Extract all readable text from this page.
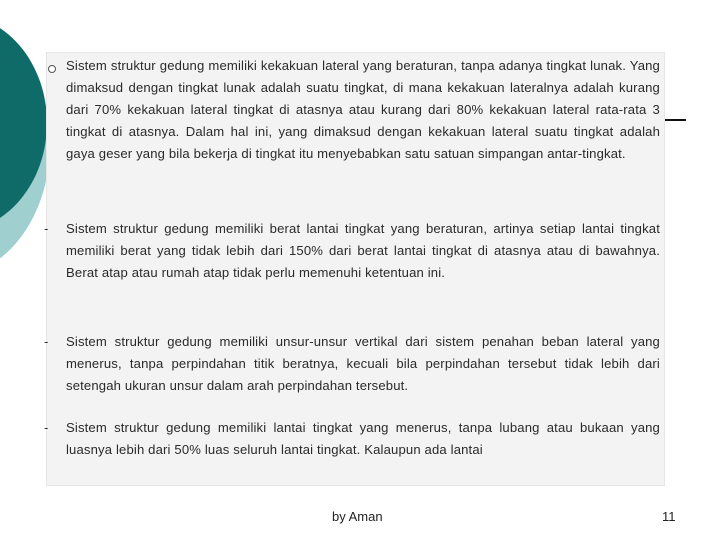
Sistem struktur gedung memiliki kekakuan lateral yang beraturan, tanpa adanya tingkat lunak. Yang dimaksud dengan tingkat lunak adalah suatu tingkat, di mana kekakuan lateralnya adalah kurang dari 70% kekakuan lateral tingkat di atasnya atau kurang dari 80% kekakuan lateral rata-rata 3 tingkat di atasnya. Dalam hal ini, yang dimaksud dengan kekakuan lateral suatu tingkat adalah gaya geser yang bila bekerja di tingkat itu menyebabkan satu satuan simpangan antar-tingkat.
-	Sistem struktur gedung memiliki berat lantai tingkat yang beraturan, artinya setiap lantai tingkat memiliki berat yang tidak lebih dari 150% dari berat lantai tingkat di atasnya atau di bawahnya. Berat atap atau rumah atap tidak perlu memenuhi ketentuan ini.
-	Sistem struktur gedung memiliki unsur-unsur vertikal dari sistem penahan beban lateral yang menerus, tanpa perpindahan titik beratnya, kecuali bila perpindahan tersebut tidak lebih dari setengah ukuran unsur dalam arah perpindahan tersebut.
-	Sistem struktur gedung memiliki lantai tingkat yang menerus, tanpa lubang atau bukaan yang luasnya lebih dari 50% luas seluruh lantai tingkat. Kalaupun ada lantai
by Aman	11
